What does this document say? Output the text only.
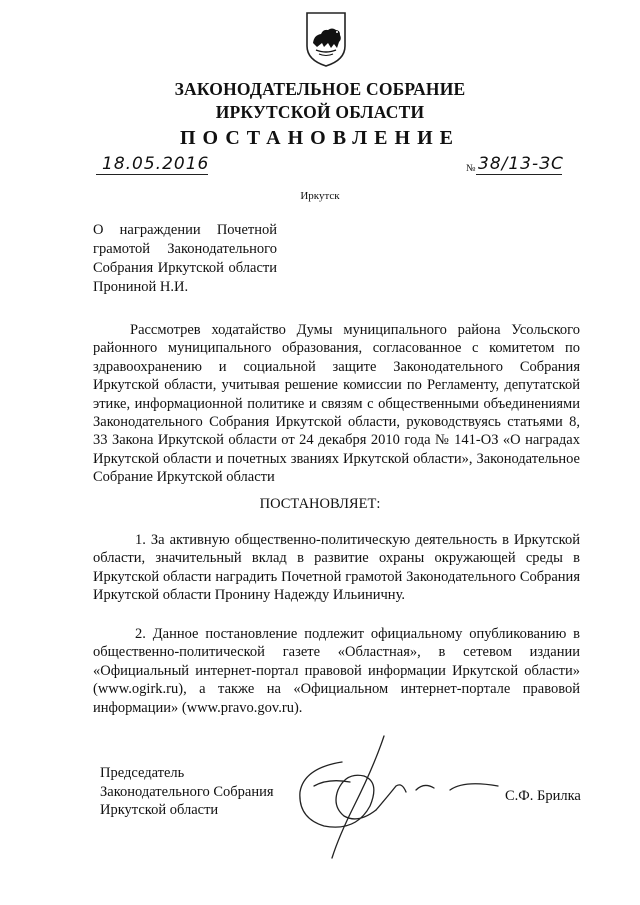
ЗАКОНОДАТЕЛЬНОЕ СОБРАНИЕ
ИРКУТСКОЙ ОБЛАСТИ
ПОСТАНОВЛЕНИЕ
18.05.2016	№ 38/13-ЗС
Иркутск
О награждении Почетной грамотой Законодательного Собрания Иркутской области Прониной Н.И.
Рассмотрев ходатайство Думы муниципального района Усольского районного муниципального образования, согласованное с комитетом по здравоохранению и социальной защите Законодательного Собрания Иркутской области, учитывая решение комиссии по Регламенту, депутатской этике, информационной политике и связям с общественными объединениями Законодательного Собрания Иркутской области, руководствуясь статьями 8, 33 Закона Иркутской области от 24 декабря 2010 года № 141-ОЗ «О наградах Иркутской области и почетных званиях Иркутской области», Законодательное Собрание Иркутской области
ПОСТАНОВЛЯЕТ:
1. За активную общественно-политическую деятельность в Иркутской области, значительный вклад в развитие охраны окружающей среды в Иркутской области наградить Почетной грамотой Законодательного Собрания Иркутской области Пронину Надежду Ильиничну.
2. Данное постановление подлежит официальному опубликованию в общественно-политической газете «Областная», в сетевом издании «Официальный интернет-портал правовой информации Иркутской области» (www.ogirk.ru), а также на «Официальном интернет-портале правовой информации» (www.pravo.gov.ru).
Председатель
Законодательного Собрания
Иркутской области
С.Ф. Брилка
